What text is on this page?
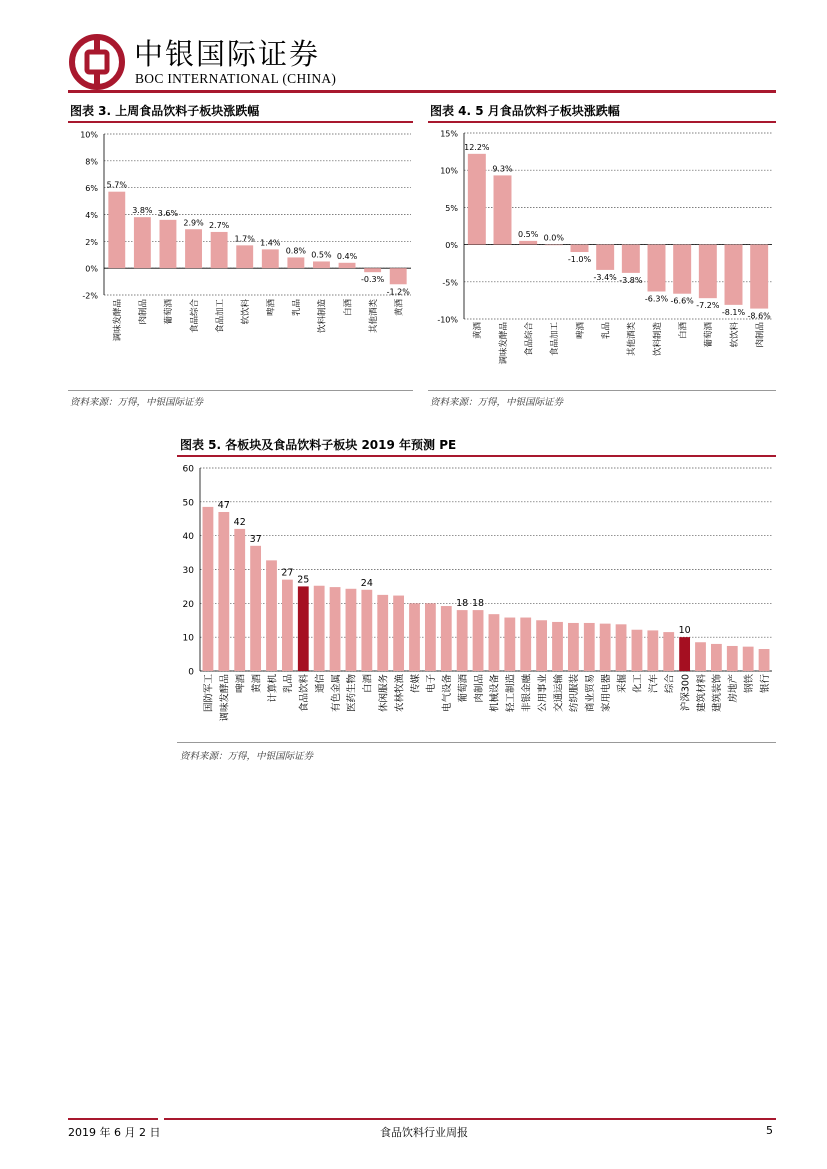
中银国际证券
BOC INTERNATIONAL (CHINA)
图表 3. 上周食品饮料子板块涨跌幅
-2%
0%
2%
4%
6%
8%
10%
5.7%
调味发酵品
3.8%
肉制品
3.6%
葡萄酒
2.9%
食品综合
2.7%
食品加工
1.7%
软饮料
1.4%
啤酒
0.8%
乳品
0.5%
饮料制造
0.4%
白酒
-0.3%
其他酒类
-1.2%
黄酒
资料来源：万得，中银国际证券
图表 4. 5 月食品饮料子板块涨跌幅
-10%
-5%
0%
5%
10%
15%
12.2%
黄酒
9.3%
调味发酵品
0.5%
食品综合
0.0%
食品加工
-1.0%
啤酒
-3.4%
乳品
-3.8%
其他酒类
-6.3%
饮料制造
-6.6%
白酒
-7.2%
葡萄酒
-8.1%
软饮料
-8.6%
肉制品
资料来源：万得，中银国际证券
图表 5. 各板块及食品饮料子板块 2019 年预测 PE
0
10
20
30
40
50
60
国防军工
47
调味发酵品
42
啤酒
37
黄酒 计算机
27
乳品
25
食品饮料 通信 有色金属 医药生物
24
白酒 休闲服务 农林牧渔 传媒 电子 电气设备
18
葡萄酒
18
肉制品 机械设备 轻工制造 非银金融 公用事业 交通运输 纺织服装 商业贸易 家用电器 采掘 化工 汽车 综合
10
沪深300 建筑材料 建筑装饰 房地产 钢铁 银行
资料来源：万得，中银国际证券
2019 年 6 月 2 日	食品饮料行业周报	5
